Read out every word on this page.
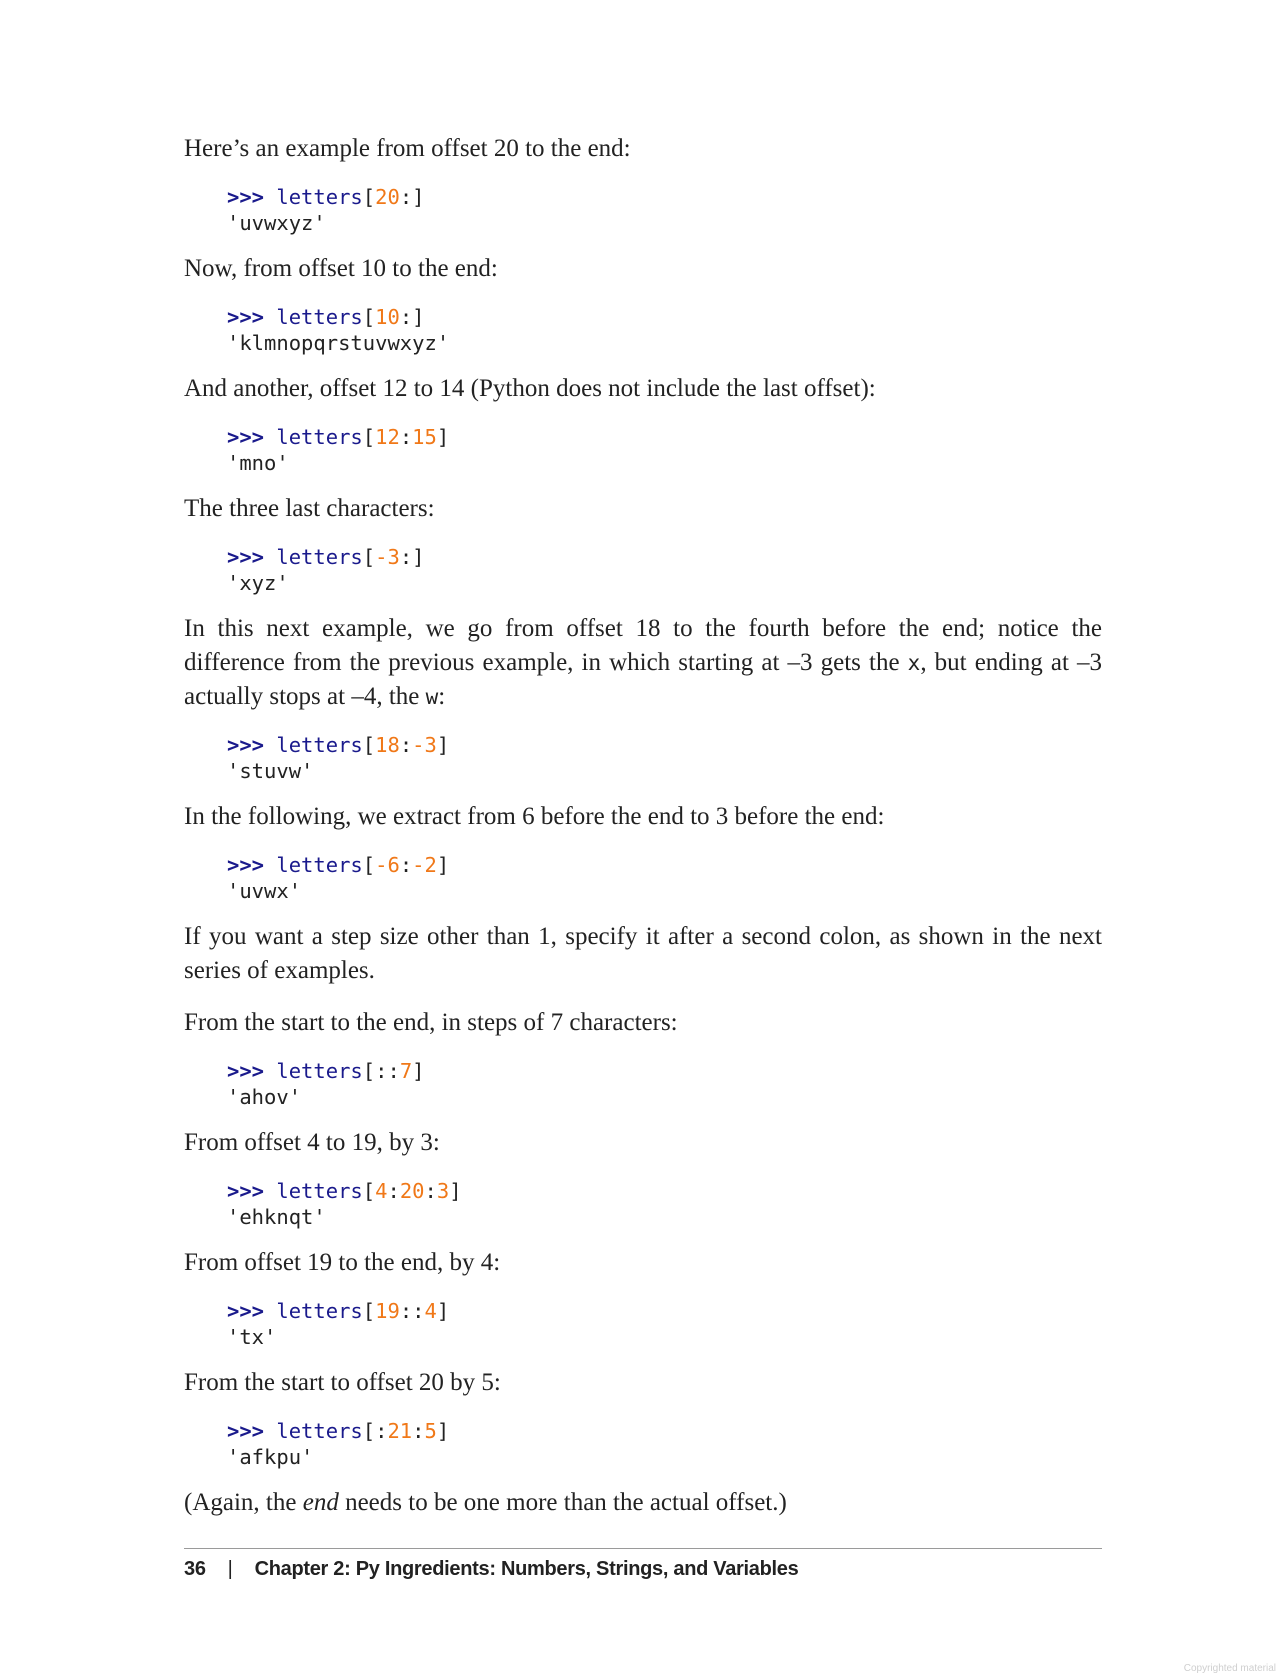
Here’s an example from offset 20 to the end:

>>> letters[20:]
'uvwxyz'

Now, from offset 10 to the end:

>>> letters[10:]
'klmnopqrstuvwxyz'

And another, offset 12 to 14 (Python does not include the last offset):

>>> letters[12:15]
'mno'

The three last characters:

>>> letters[-3:]
'xyz'

In this next example, we go from offset 18 to the fourth before the end; notice the difference from the previous example, in which starting at –3 gets the x, but ending at –3 actually stops at –4, the w:

>>> letters[18:-3]
'stuvw'

In the following, we extract from 6 before the end to 3 before the end:

>>> letters[-6:-2]
'uvwx'

If you want a step size other than 1, specify it after a second colon, as shown in the next series of examples.

From the start to the end, in steps of 7 characters:

>>> letters[::7]
'ahov'

From offset 4 to 19, by 3:

>>> letters[4:20:3]
'ehknqt'

From offset 19 to the end, by 4:

>>> letters[19::4]
'tx'

From the start to offset 20 by 5:

>>> letters[:21:5]
'afkpu'

(Again, the end needs to be one more than the actual offset.)

36 | Chapter 2: Py Ingredients: Numbers, Strings, and Variables
Copyrighted material
